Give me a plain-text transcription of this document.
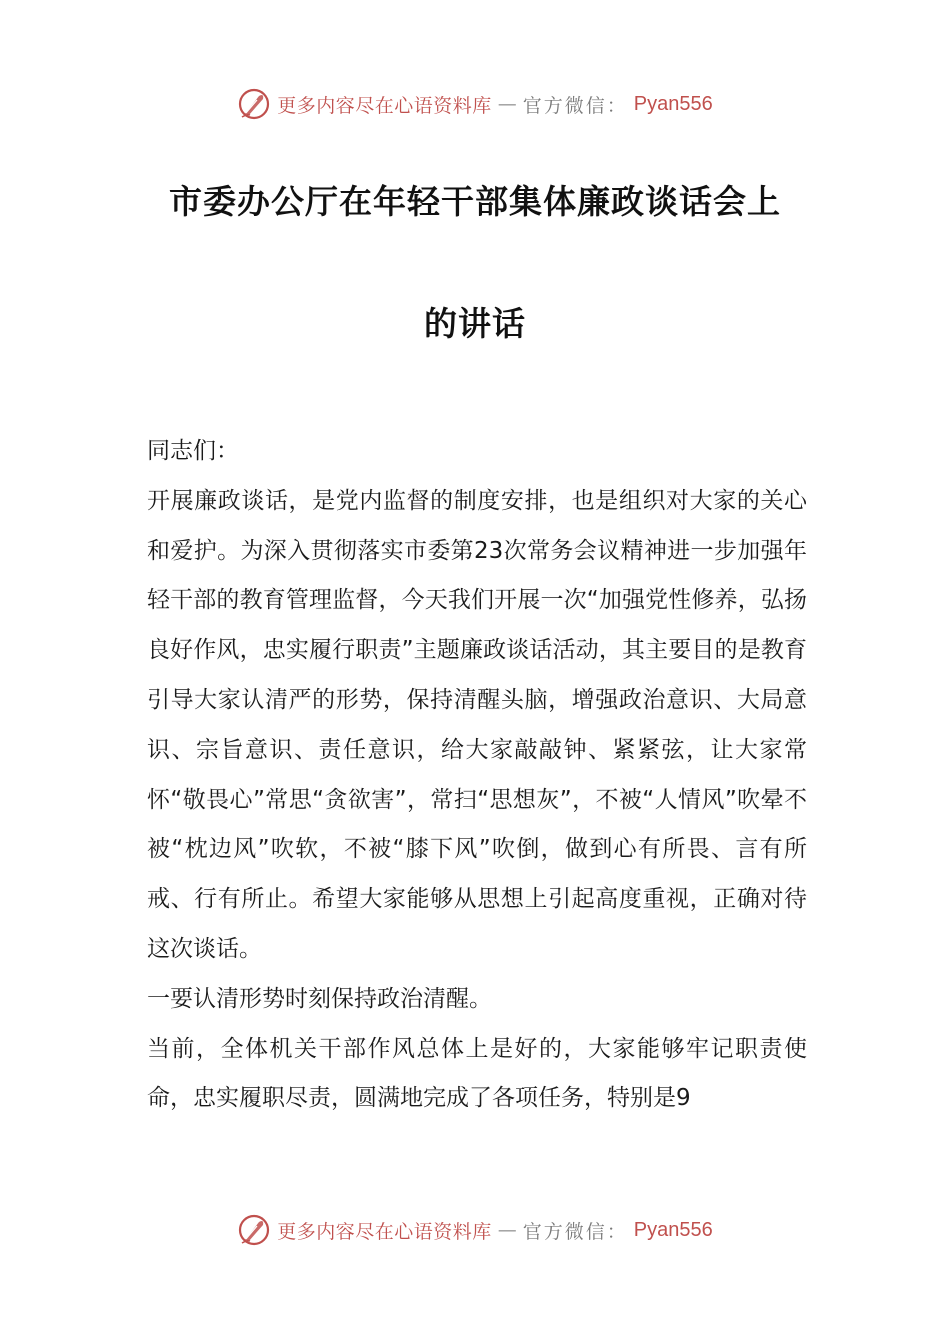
更多内容尽在心语资料库 — 官方微信： Pyan556
市委办公厅在年轻干部集体廉政谈话会上
的讲话

同志们：

开展廉政谈话，是党内监督的制度安排，也是组织对大家的关心和爱护。为深入贯彻落实市委第23次常务会议精神进一步加强年轻干部的教育管理监督，今天我们开展一次“加强党性修养，弘扬良好作风，忠实履行职责”主题廉政谈话活动，其主要目的是教育引导大家认清严的形势，保持清醒头脑，增强政治意识、大局意识、宗旨意识、责任意识，给大家敲敲钟、紧紧弦，让大家常怀“敬畏心”常思“贪欲害”，常扫“思想灰”，不被“人情风”吹晕不被“枕边风”吹软，不被“膝下风”吹倒，做到心有所畏、言有所戒、行有所止。希望大家能够从思想上引起高度重视，正确对待这次谈话。

一要认清形势时刻保持政治清醒。

当前，全体机关干部作风总体上是好的，大家能够牢记职责使命，忠实履职尽责，圆满地完成了各项任务，特别是9

更多内容尽在心语资料库 — 官方微信： Pyan556
